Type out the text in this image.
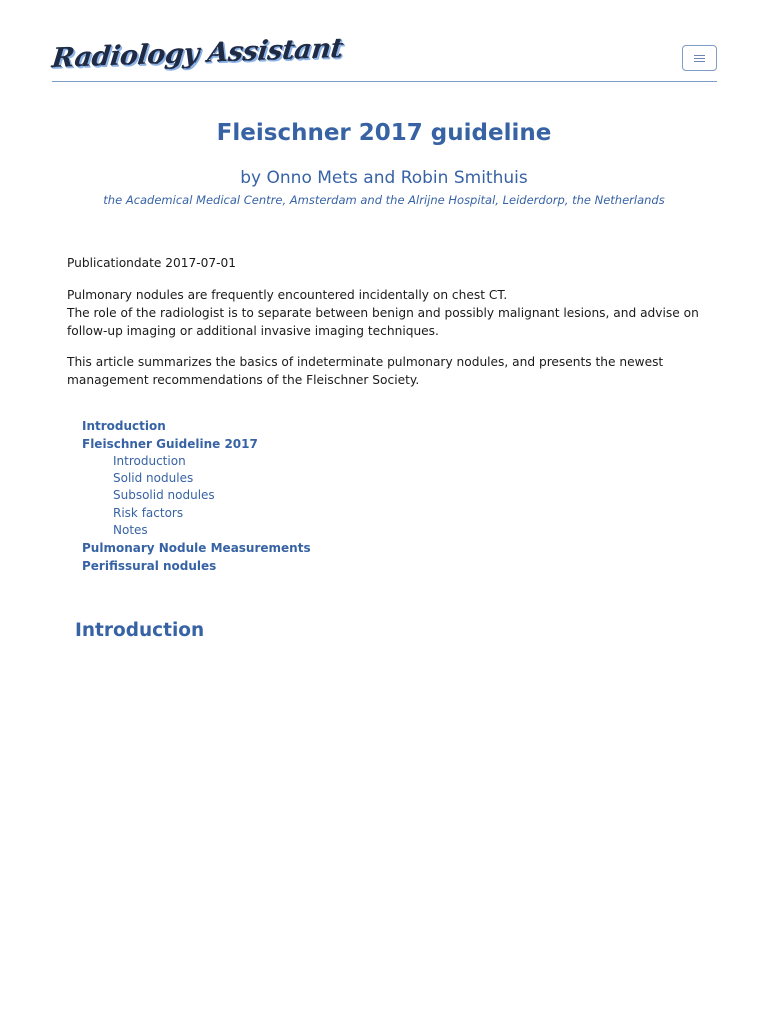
Radiology Assistant
Fleischner 2017 guideline
by Onno Mets and Robin Smithuis
the Academical Medical Centre, Amsterdam and the Alrijne Hospital, Leiderdorp, the Netherlands
Publicationdate 2017-07-01
Pulmonary nodules are frequently encountered incidentally on chest CT.
The role of the radiologist is to separate between benign and possibly malignant lesions, and advise on follow-up imaging or additional invasive imaging techniques.
This article summarizes the basics of indeterminate pulmonary nodules, and presents the newest management recommendations of the Fleischner Society.
Introduction
Fleischner Guideline 2017
Introduction
Solid nodules
Subsolid nodules
Risk factors
Notes
Pulmonary Nodule Measurements
Perifissural nodules
Introduction
